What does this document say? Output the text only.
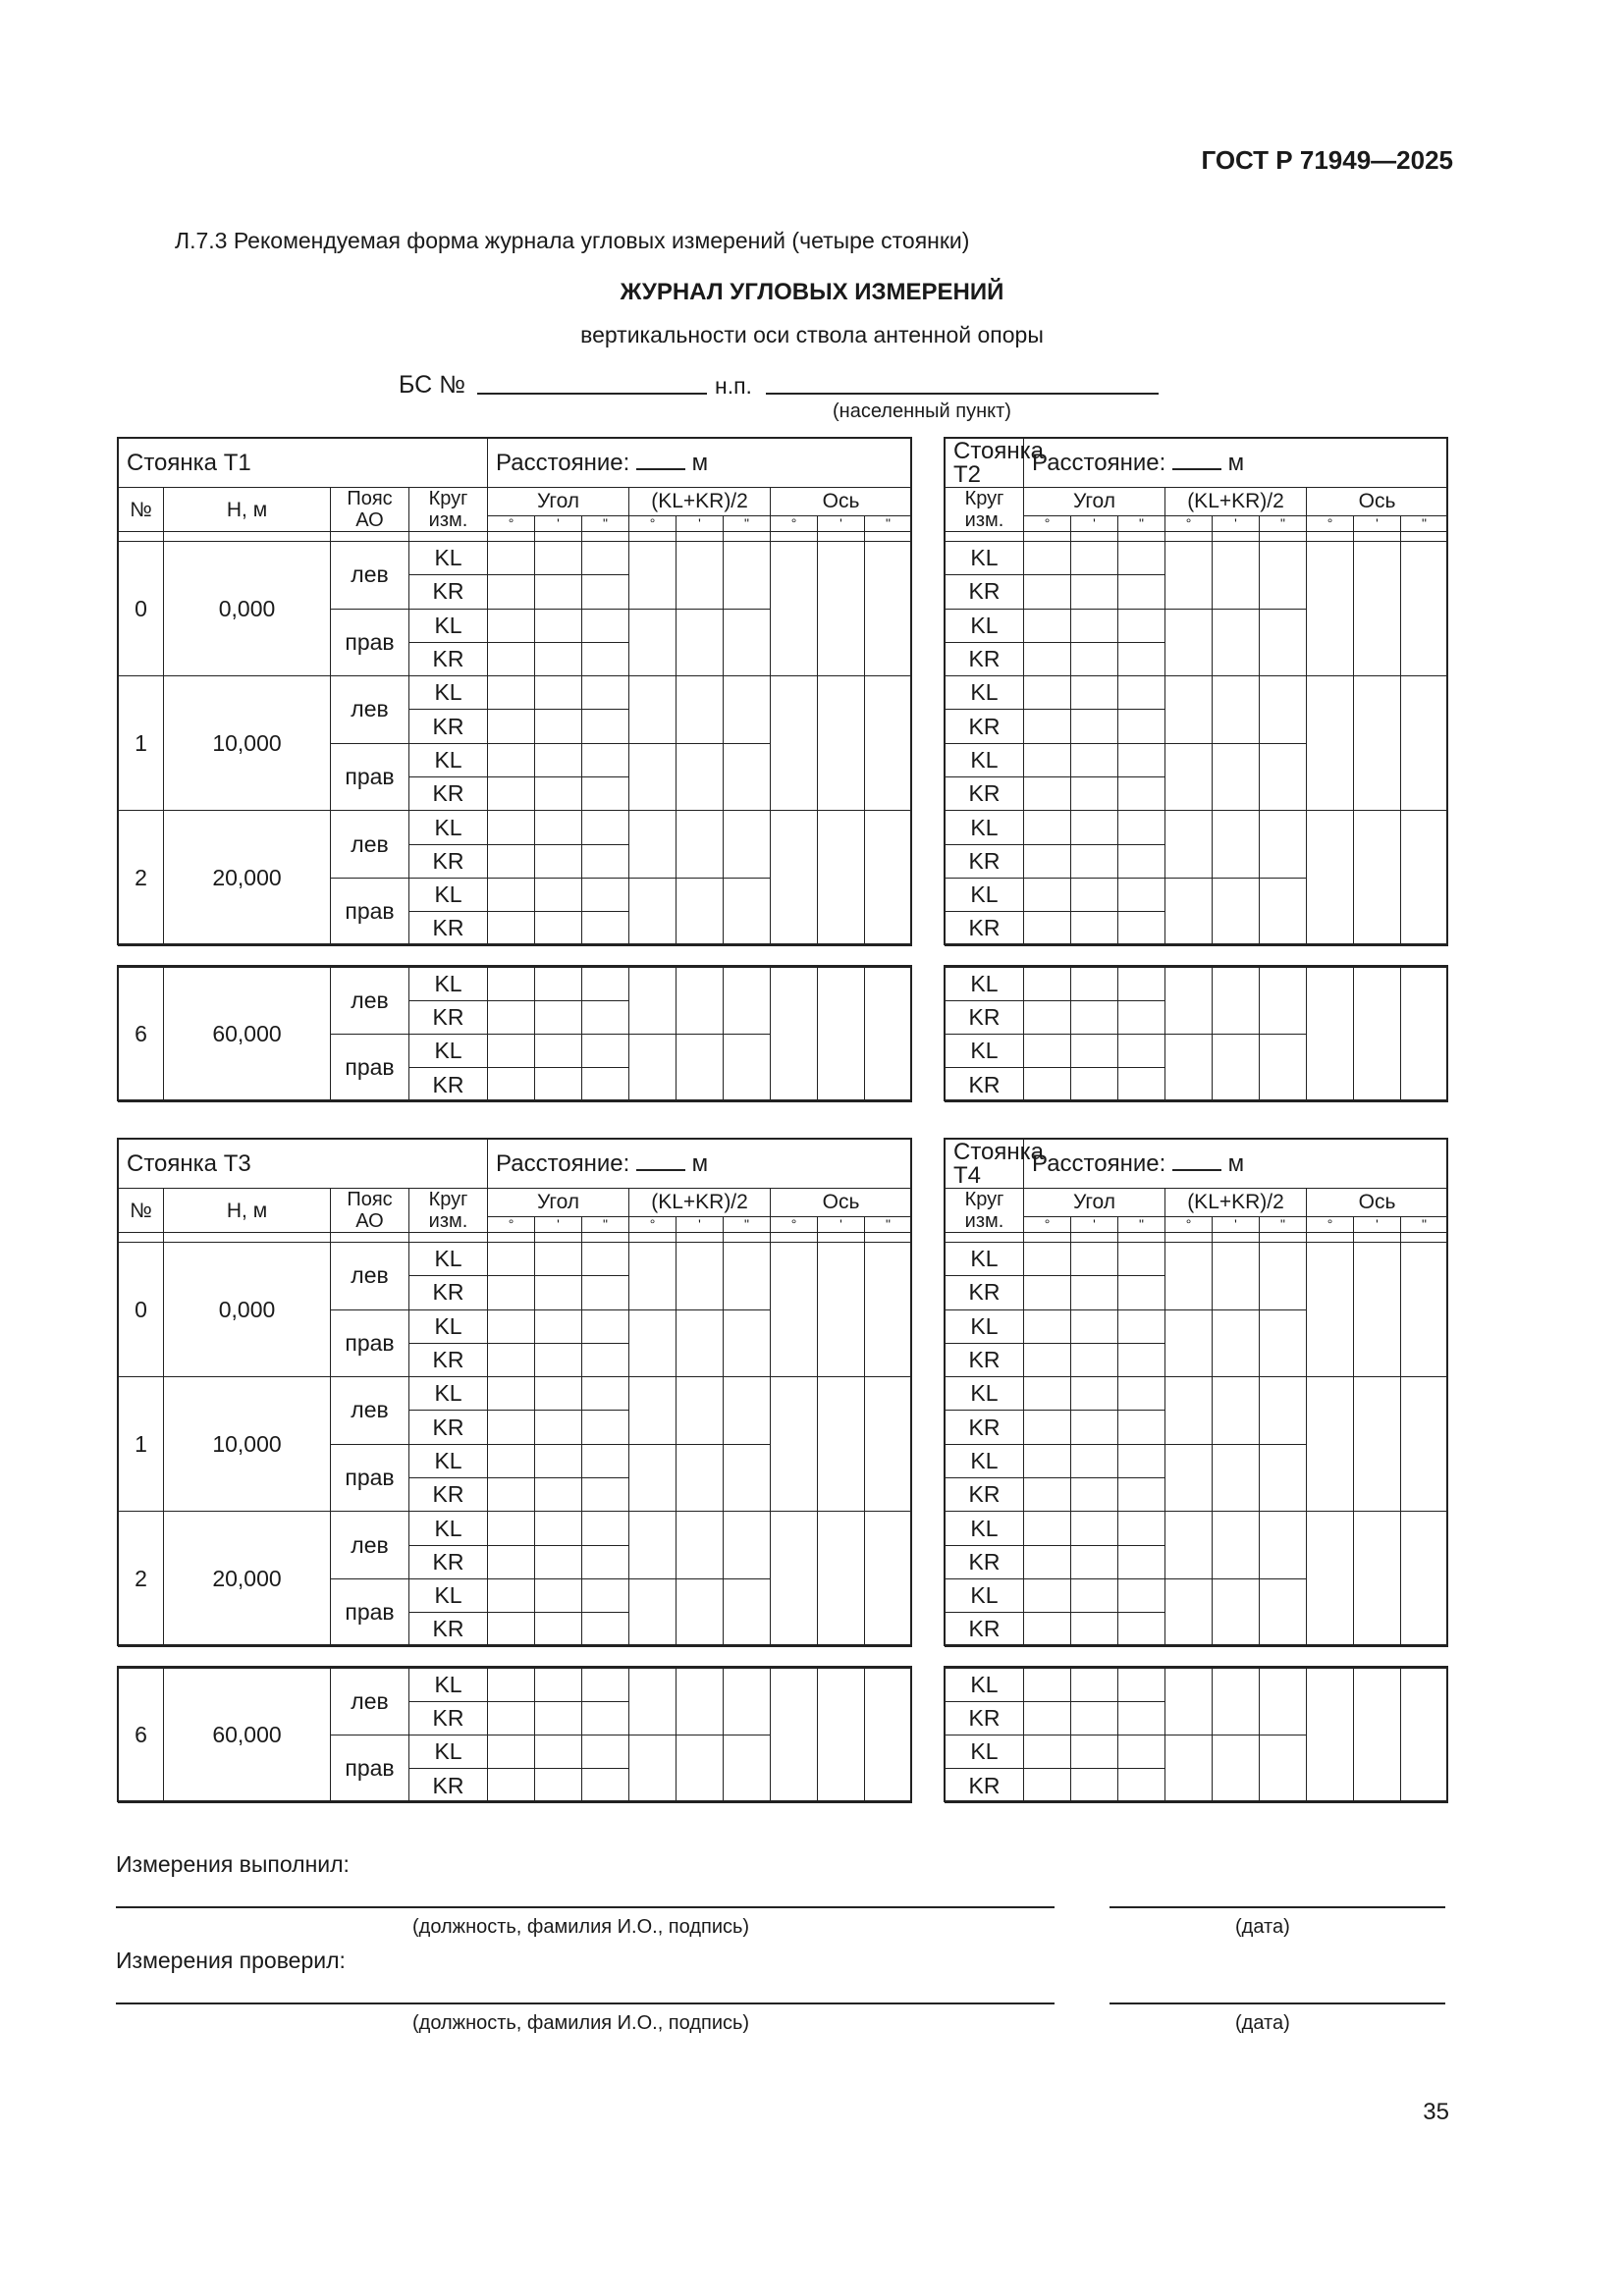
ГОСТ Р 71949—2025
Л.7.3 Рекомендуемая форма журнала угловых измерений (четыре стоянки)
ЖУРНАЛ УГЛОВЫХ ИЗМЕРЕНИЙ
вертикальности оси ствола антенной опоры
БС №	н.п.
(населенный пункт)
Стоянка Т1				Расстояние: м								
№	Н, м	Пояс АО	Круг изм.	Угол			(KL+KR)/2			Ось		
				°	'	"	°	'	"	°	'	"

0	0,000	лев	KL									
			KR									
		прав	KL									
			KR									
1	10,000	лев	KL									
			KR									
		прав	KL									
			KR									
2	20,000	лев	KL									
			KR									
		прав	KL									
			KR									

6	60,000	лев	KL									
			KR									
		прав	KL									
			KR									
Стоянка Т2	Расстояние: м								
Круг изм.	Угол			(KL+KR)/2			Ось		
	°	'	"	°	'	"	°	'	"

KL									
KR									
KL									
KR									
KL									
KR									
KL									
KR									
KL									
KR									
KL									
KR									

KL									
KR									
KL									
KR									
Стоянка Т3				Расстояние: м								
№	Н, м	Пояс АО	Круг изм.	Угол			(KL+KR)/2			Ось		
				°	'	"	°	'	"	°	'	"

0	0,000	лев	KL									
			KR									
		прав	KL									
			KR									
1	10,000	лев	KL									
			KR									
		прав	KL									
			KR									
2	20,000	лев	KL									
			KR									
		прав	KL									
			KR									

6	60,000	лев	KL									
			KR									
		прав	KL									
			KR									
Стоянка Т4	Расстояние: м								
Круг изм.	Угол			(KL+KR)/2			Ось		
	°	'	"	°	'	"	°	'	"

KL									
KR									
KL									
KR									
KL									
KR									
KL									
KR									
KL									
KR									
KL									
KR									

KL									
KR									
KL									
KR									
Измерения выполнил:
(должность, фамилия И.О., подпись)	(дата)
Измерения проверил:
(должность, фамилия И.О., подпись)	(дата)
35
